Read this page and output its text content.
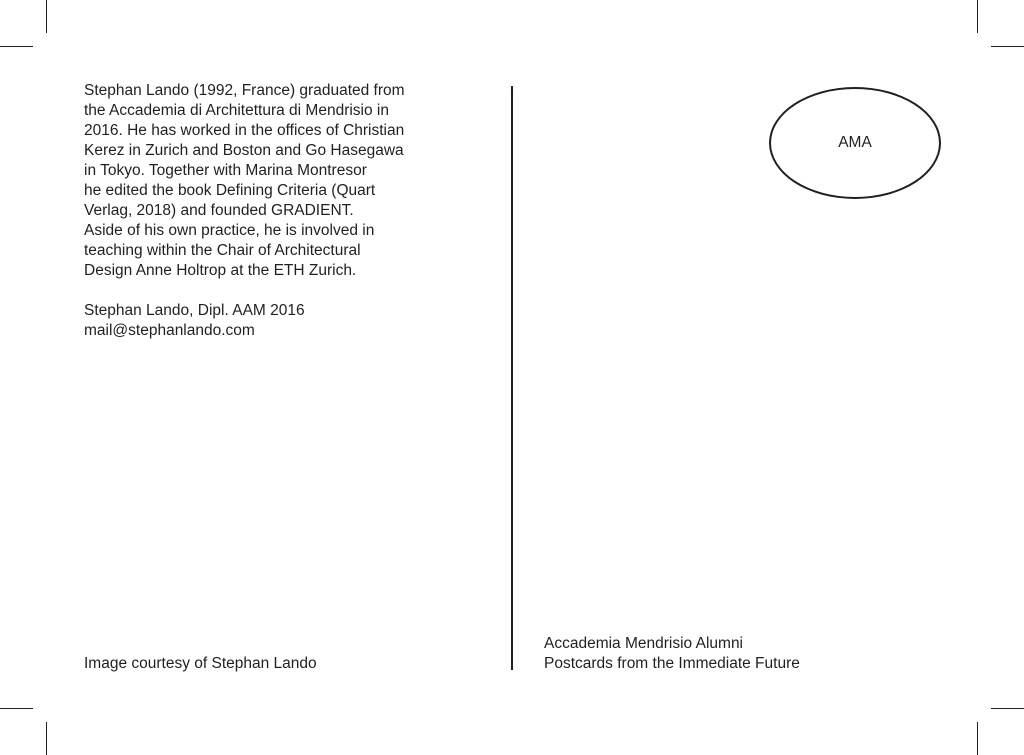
Stephan Lando (1992, France) graduated from
the Accademia di Architettura di Mendrisio in
2016. He has worked in the offices of Christian
Kerez in Zurich and Boston and Go Hasegawa
in Tokyo. Together with Marina Montresor
he edited the book Defining Criteria (Quart
Verlag, 2018) and founded GRADIENT.
Aside of his own practice, he is involved in
teaching within the Chair of Architectural
Design Anne Holtrop at the ETH Zurich.
Stephan Lando, Dipl. AAM 2016
mail@stephanlando.com
Image courtesy of Stephan Lando
AMA
Accademia Mendrisio Alumni
Postcards from the Immediate Future
